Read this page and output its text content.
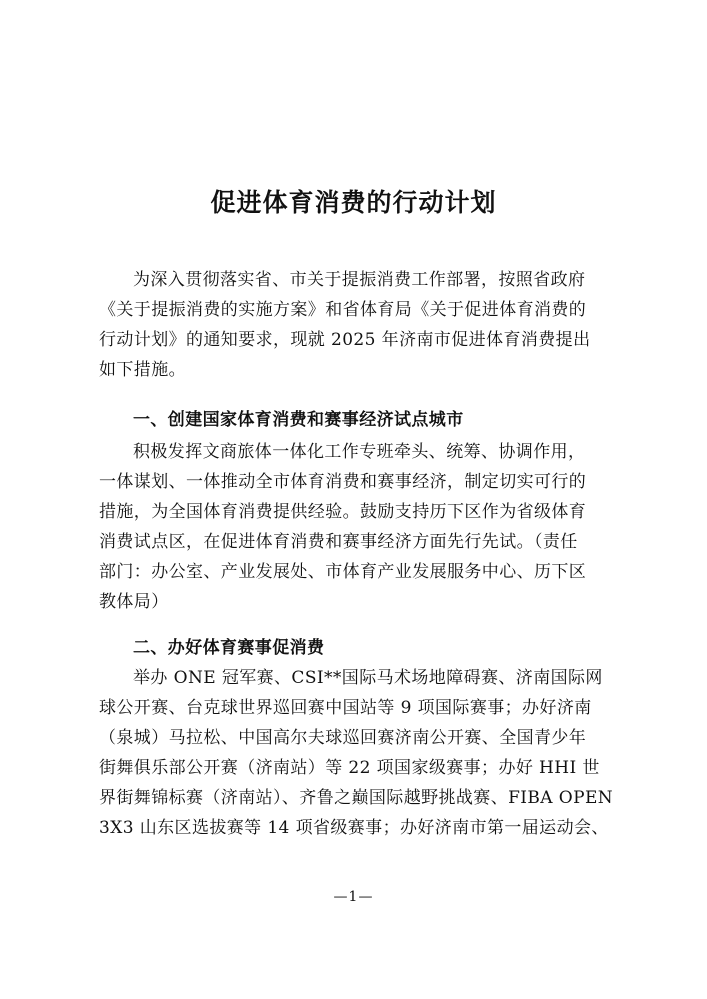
促进体育消费的行动计划
为深入贯彻落实省、市关于提振消费工作部署，按照省政府
《关于提振消费的实施方案》和省体育局《关于促进体育消费的
行动计划》的通知要求，现就 2025 年济南市促进体育消费提出
如下措施。
一、创建国家体育消费和赛事经济试点城市
积极发挥文商旅体一体化工作专班牵头、统筹、协调作用，
一体谋划、一体推动全市体育消费和赛事经济，制定切实可行的
措施，为全国体育消费提供经验。鼓励支持历下区作为省级体育
消费试点区，在促进体育消费和赛事经济方面先行先试。（责任
部门：办公室、产业发展处、市体育产业发展服务中心、历下区
教体局）
二、办好体育赛事促消费
举办 ONE 冠军赛、CSI**国际马术场地障碍赛、济南国际网
球公开赛、台克球世界巡回赛中国站等 9 项国际赛事；办好济南
（泉城）马拉松、中国高尔夫球巡回赛济南公开赛、全国青少年
街舞俱乐部公开赛（济南站）等 22 项国家级赛事；办好 HHI 世
界街舞锦标赛（济南站）、齐鲁之巅国际越野挑战赛、FIBA OPEN
3X3 山东区选拔赛等 14 项省级赛事；办好济南市第一届运动会、
—1—
